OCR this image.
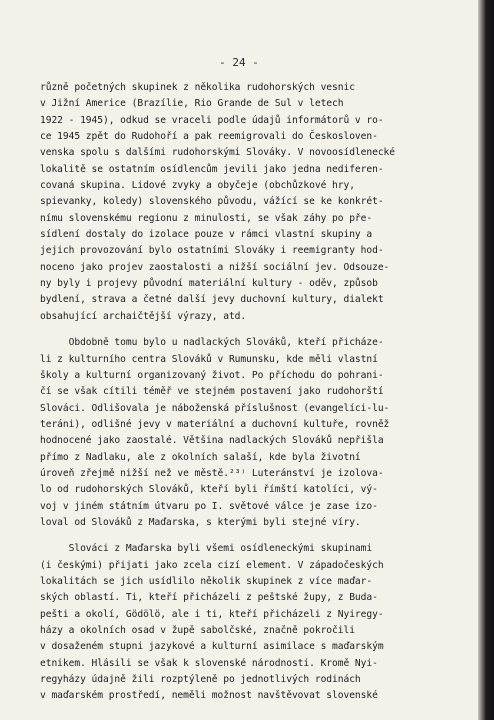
- 24 -
různě početných skupinek z několika rudohorských vesnic
v Jižní Americe (Brazílie, Rio Grande de Sul v letech
1922 - 1945), odkud se vraceli podle údajů informátorů v ro-
ce 1945 zpět do Rudohoří a pak reemigrovali do Českosloven-
venska spolu s dalšími rudohorskými Slováky. V novoosídlenecké
lokalitě se ostatním osídlencům jevili jako jedna nediferen-
covaná skupina. Lidové zvyky a obyčeje (obchůzkové hry,
spievanky, koledy) slovenského původu, vážící se ke konkrét-
nímu slovenskému regionu z minulosti, se však záhy po pře-
sídlení dostaly do izolace pouze v rámci vlastní skupiny a
jejich provozování bylo ostatními Slováky i reemigranty hod-
noceno jako projev zaostalosti a nižší sociální jev. Odsouze-
ny byly i projevy původní materiální kultury - oděv, způsob
bydlení, strava a četné další jevy duchovní kultury, dialekt
obsahující archaičtější výrazy, atd.
Obdobně tomu bylo u nadlackých Slováků, kteří přicháze-
li z kulturního centra Slováků v Rumunsku, kde měli vlastní
školy a kulturní organizovaný život. Po příchodu do pohrani-
čí se však cítili téměř ve stejném postavení jako rudohorští
Slováci. Odlišovala je náboženská příslušnost (evangelíci-lu-
teráni), odlišné jevy v materiální a duchovní kultuře, rovněž
hodnocené jako zaostalé. Většina nadlackých Slováků nepřišla
přímo z Nadlaku, ale z okolních salaší, kde byla životní
úroveň zřejmě nižší než ve městě.²³⁾ Luteránství je izolova-
lo od rudohorských Slováků, kteří byli římští katolíci, vý-
voj v jiném státním útvaru po I. světové válce je zase izo-
loval od Slováků z Maďarska, s kterými byli stejné víry.
Slováci z Maďarska byli všemi osídleneckými skupinami
(i českými) přijati jako zcela cizí element. V západočeských
lokalitách se jich usídlilo několik skupinek z více maďar-
ských oblastí. Ti, kteří přicházeli z peštské župy, z Buda-
pešti a okolí, Gödölö, ale i ti, kteří přicházeli z Nyiregy-
házy a okolních osad v župě sabolčské, značně pokročili
v dosaženém stupni jazykové a kulturní asimilace s maďarským
etnikem. Hlásili se však k slovenské národnosti. Kromě Nyi-
regyházy údajně žili rozptýleně po jednotlivých rodinách
v maďarském prostředí, neměli možnost navštěvovat slovenské
